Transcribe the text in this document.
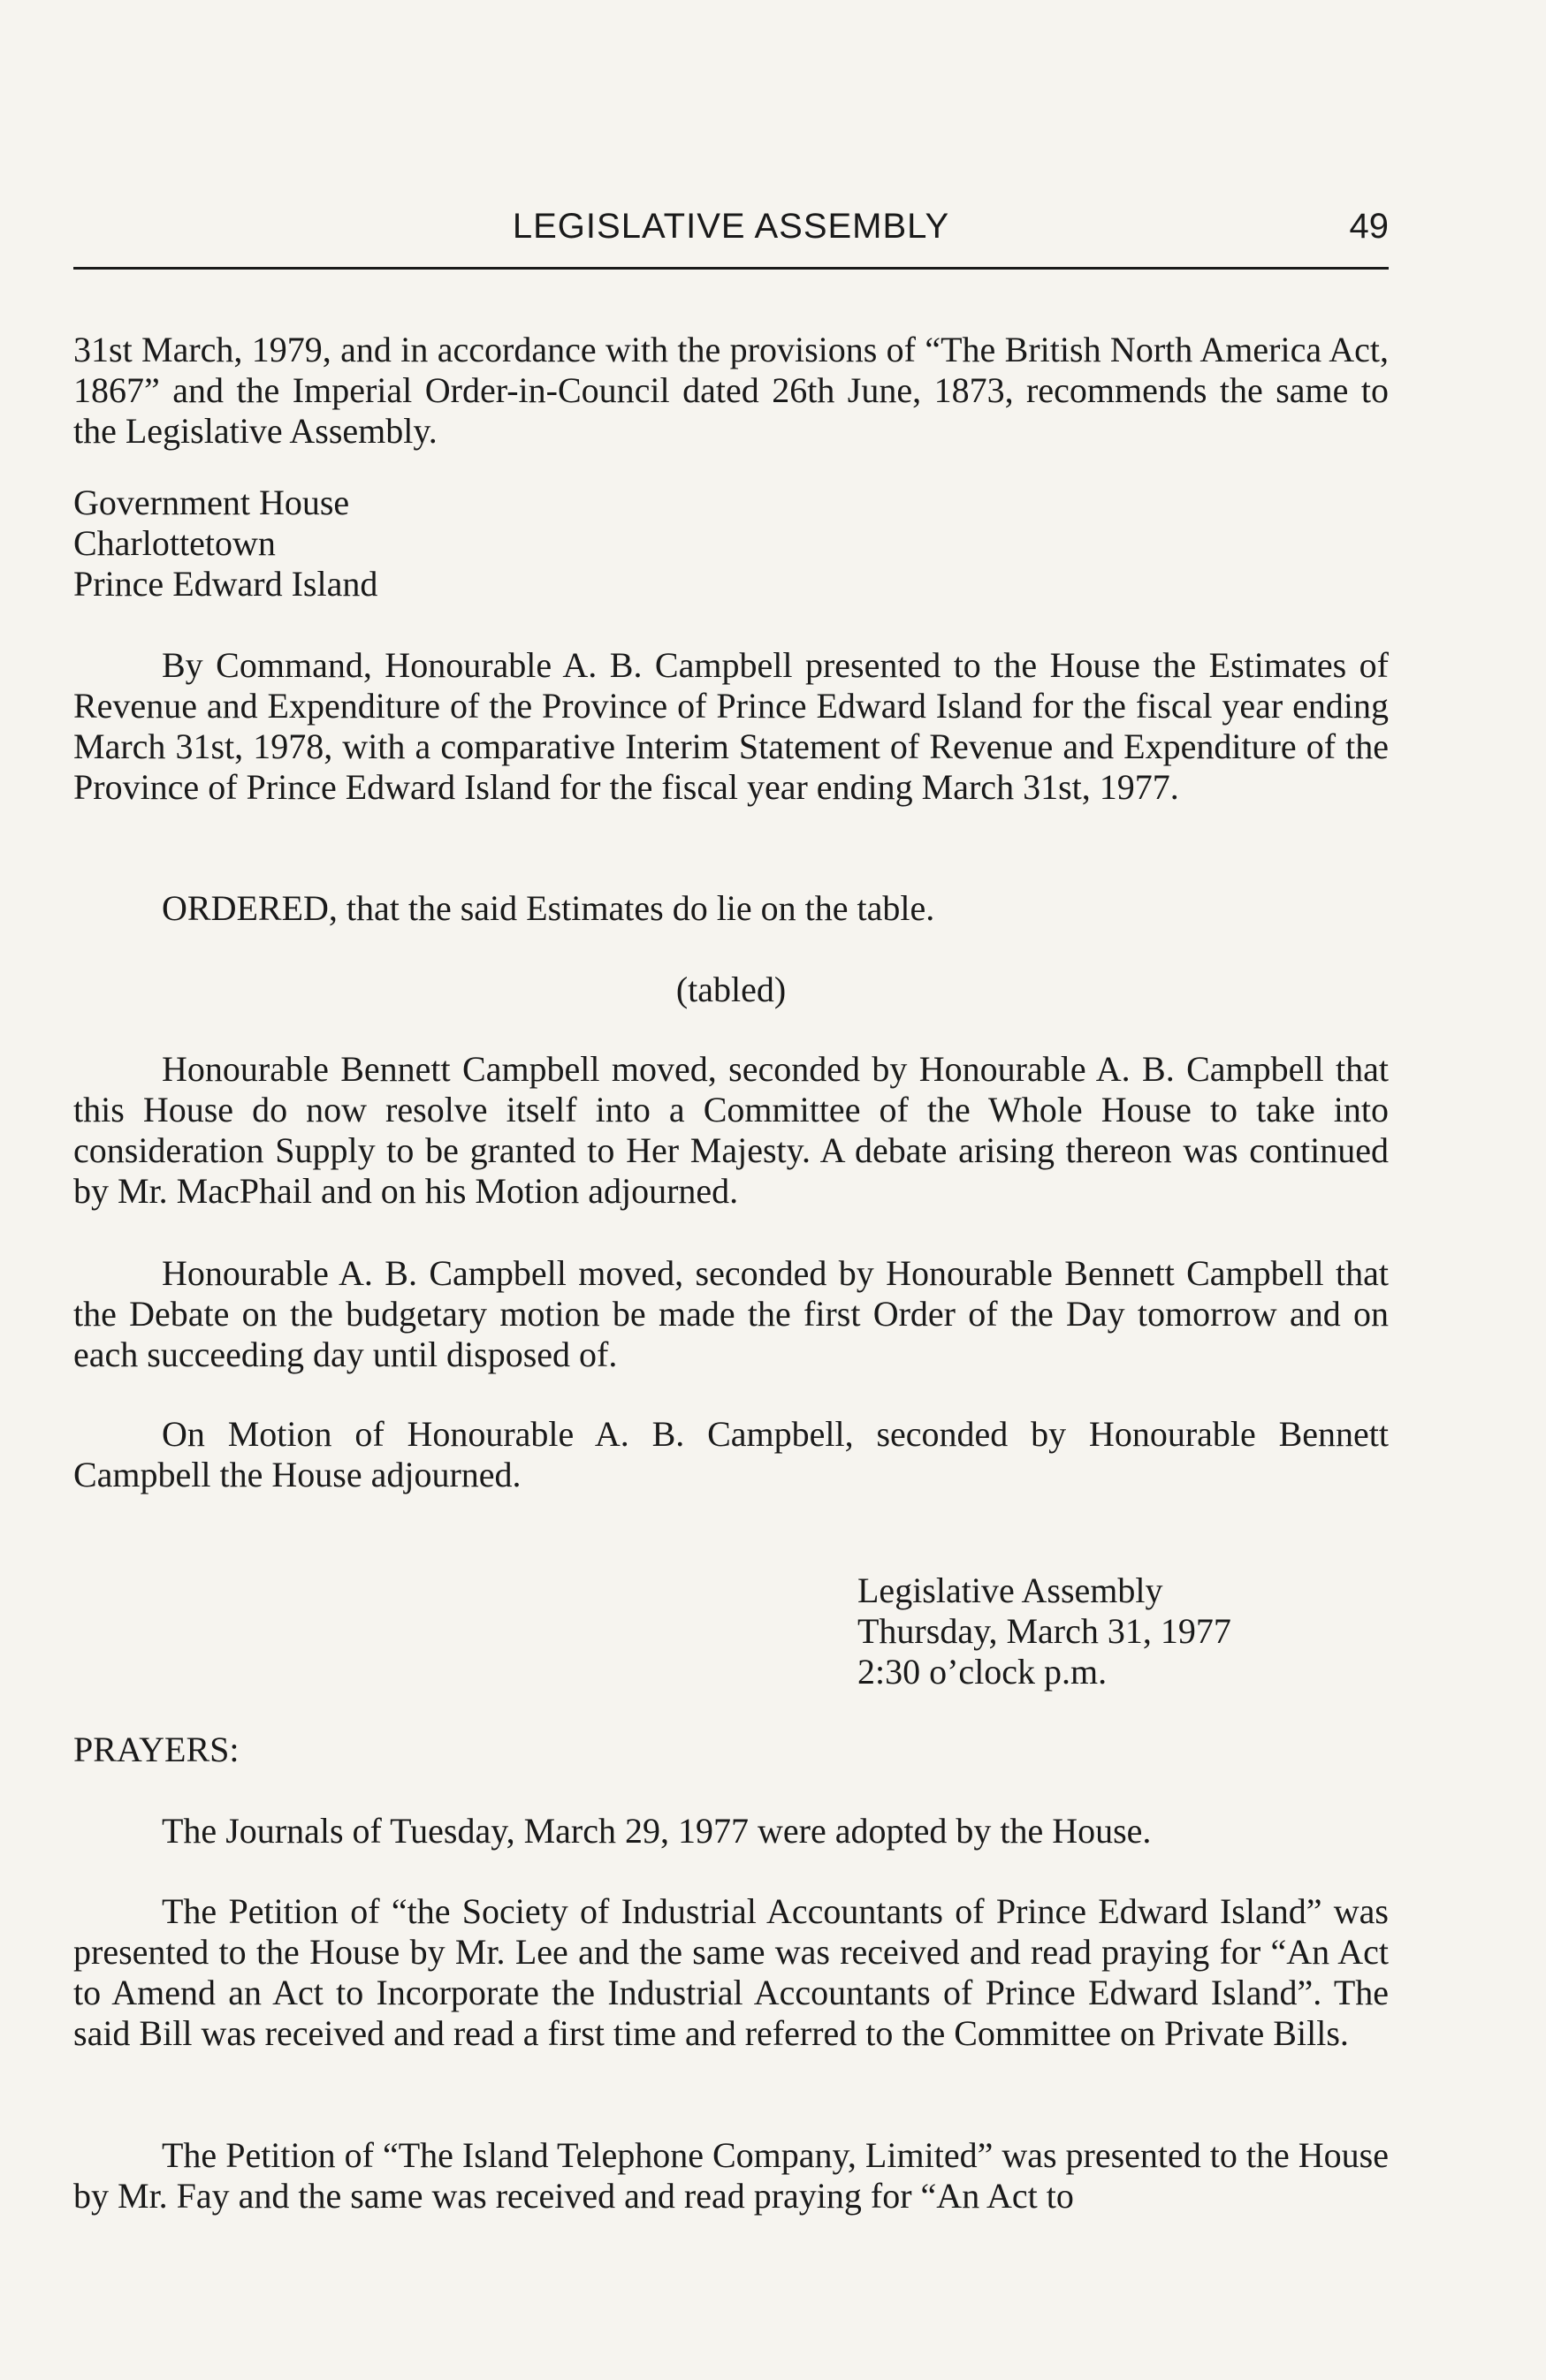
LEGISLATIVE ASSEMBLY	49

31st March, 1979, and in accordance with the provisions of “The British North America Act, 1867” and the Imperial Order-in-Council dated 26th June, 1873, recommends the same to the Legislative Assembly.

Government House

Charlottetown

Prince Edward Island

By Command, Honourable A. B. Campbell presented to the House the Estimates of Revenue and Expenditure of the Province of Prince Edward Island for the fiscal year ending March 31st, 1978, with a comparative Interim Statement of Revenue and Expenditure of the Province of Prince Edward Island for the fiscal year ending March 31st, 1977.

ORDERED, that the said Estimates do lie on the table.

(tabled)

Honourable Bennett Campbell moved, seconded by Honourable A. B. Campbell that this House do now resolve itself into a Committee of the Whole House to take into consideration Supply to be granted to Her Majesty. A debate arising thereon was continued by Mr. MacPhail and on his Motion adjourned.

Honourable A. B. Campbell moved, seconded by Honourable Bennett Campbell that the Debate on the budgetary motion be made the first Order of the Day tomorrow and on each succeeding day until disposed of.

On Motion of Honourable A. B. Campbell, seconded by Honourable Bennett Campbell the House adjourned.

Legislative Assembly

Thursday, March 31, 1977

2:30 o’clock p.m.

PRAYERS:

The Journals of Tuesday, March 29, 1977 were adopted by the House.

The Petition of “the Society of Industrial Accountants of Prince Edward Island” was presented to the House by Mr. Lee and the same was received and read praying for “An Act to Amend an Act to Incorporate the Industrial Accountants of Prince Edward Island”. The said Bill was received and read a first time and referred to the Committee on Private Bills.

The Petition of “The Island Telephone Company, Limited” was presented to the House by Mr. Fay and the same was received and read praying for “An Act to
